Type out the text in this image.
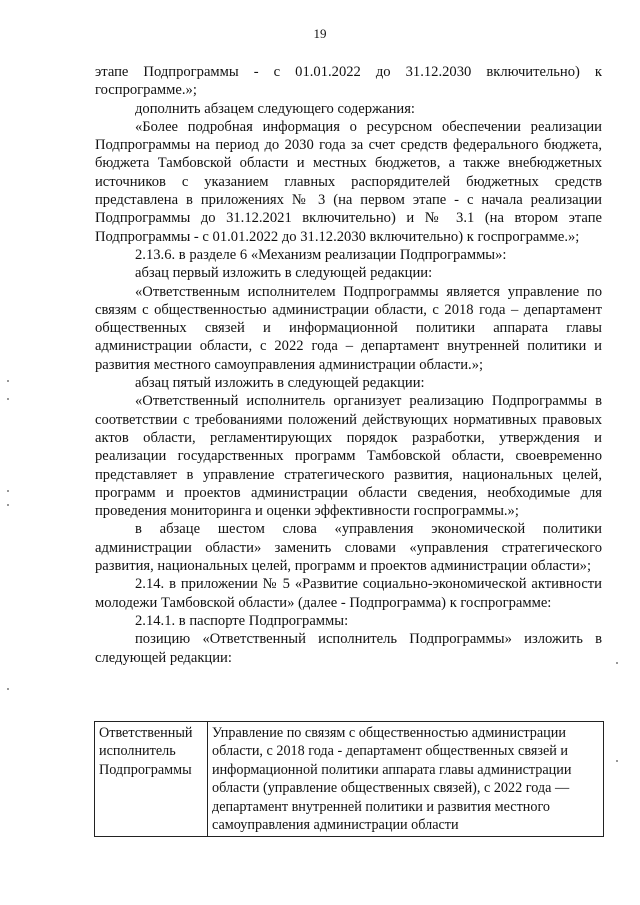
19

этапе Подпрограммы - с 01.01.2022 до 31.12.2030 включительно) к госпрограмме.»;

дополнить абзацем следующего содержания:

«Более подробная информация о ресурсном обеспечении реализации Подпрограммы на период до 2030 года за счет средств федерального бюджета, бюджета Тамбовской области и местных бюджетов, а также внебюджетных источников с указанием главных распорядителей бюджетных средств представлена в приложениях № 3 (на первом этапе - с начала реализации Подпрограммы до 31.12.2021 включительно) и № 3.1 (на втором этапе Подпрограммы - с 01.01.2022 до 31.12.2030 включительно) к госпрограмме.»;

2.13.6. в разделе 6 «Механизм реализации Подпрограммы»:

абзац первый изложить в следующей редакции:

«Ответственным исполнителем Подпрограммы является управление по связям с общественностью администрации области, с 2018 года – департамент общественных связей и информационной политики аппарата главы администрации области, с 2022 года – департамент внутренней политики и развития местного самоуправления администрации области.»;

абзац пятый изложить в следующей редакции:

«Ответственный исполнитель организует реализацию Подпрограммы в соответствии с требованиями положений действующих нормативных правовых актов области, регламентирующих порядок разработки, утверждения и реализации государственных программ Тамбовской области, своевременно представляет в управление стратегического развития, национальных целей, программ и проектов администрации области сведения, необходимые для проведения мониторинга и оценки эффективности госпрограммы.»;

в абзаце шестом слова «управления экономической политики администрации области» заменить словами «управления стратегического развития, национальных целей, программ и проектов администрации области»;

2.14. в приложении № 5 «Развитие социально-экономической активности молодежи Тамбовской области» (далее - Подпрограмма) к госпрограмме:

2.14.1. в паспорте Подпрограммы:

позицию «Ответственный исполнитель Подпрограммы» изложить в следующей редакции:

Ответственный исполнитель Подпрограммы	Управление по связям с общественностью администрации области, с 2018 года - департамент общественных связей и информационной политики аппарата главы администрации области (управление общественных связей), с 2022 года — департамент внутренней политики и развития местного самоуправления администрации области
